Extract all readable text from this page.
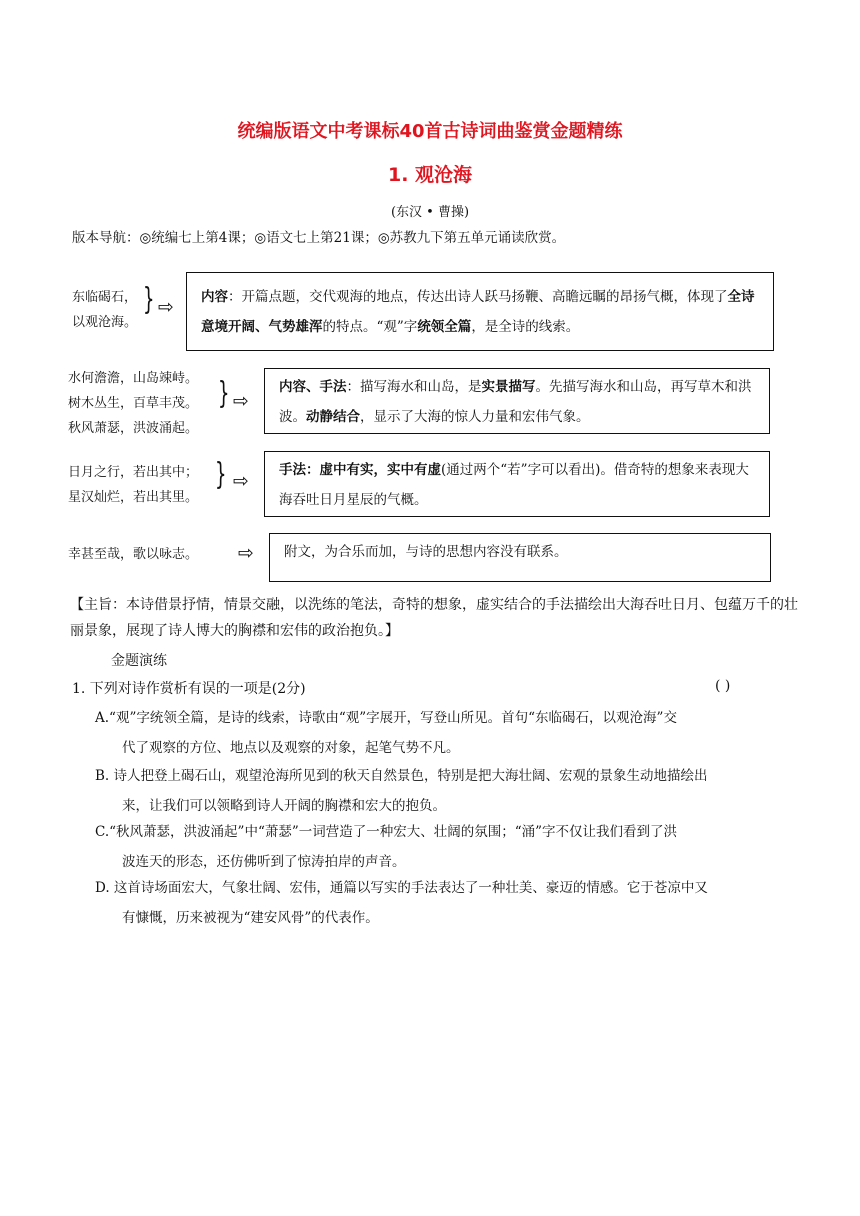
统编版语文中考课标40首古诗词曲鉴赏金题精练
1. 观沧海
(东汉 • 曹操)
版本导航：◎统编七上第4课；◎语文七上第21课；◎苏教九下第五单元诵读欣赏。
东临碣石，
以观沧海。
} ⇨	内容：开篇点题，交代观海的地点，传达出诗人跃马扬鞭、高瞻远瞩的昂扬气概，体现了全诗意境开阔、气势雄浑的特点。“观”字统领全篇，是全诗的线索。
水何澹澹，山岛竦峙。
树木丛生，百草丰茂。
秋风萧瑟，洪波涌起。
} ⇨
内容、手法：描写海水和山岛，是实景描写。先描写海水和山岛，再写草木和洪波。动静结合，显示了大海的惊人力量和宏伟气象。
日月之行，若出其中；
星汉灿烂，若出其里。
} ⇨	手法：虚中有实，实中有虚(通过两个“若”字可以看出)。借奇特的想象来表现大海吞吐日月星辰的气概。
幸甚至哉，歌以咏志。 ⇨	附文，为合乐而加，与诗的思想内容没有联系。
【主旨：本诗借景抒情，情景交融，以洗练的笔法，奇特的想象，虚实结合的手法描绘出大海吞吐日月、包蕴万千的壮丽景象，展现了诗人博大的胸襟和宏伟的政治抱负。】
金题演练
1. 下列对诗作赏析有误的一项是(2分)	( )
A.“观”字统领全篇，是诗的线索，诗歌由“观”字展开，写登山所见。首句“东临碣石，以观沧海”交
代了观察的方位、地点以及观察的对象，起笔气势不凡。
B. 诗人把登上碣石山，观望沧海所见到的秋天自然景色，特别是把大海壮阔、宏观的景象生动地描绘出
来，让我们可以领略到诗人开阔的胸襟和宏大的抱负。
C.“秋风萧瑟，洪波涌起”中“萧瑟”一词营造了一种宏大、壮阔的氛围；“涌”字不仅让我们看到了洪
波连天的形态，还仿佛听到了惊涛拍岸的声音。
D. 这首诗场面宏大，气象壮阔、宏伟，通篇以写实的手法表达了一种壮美、豪迈的情感。它于苍凉中又
有慷慨，历来被视为“建安风骨”的代表作。
